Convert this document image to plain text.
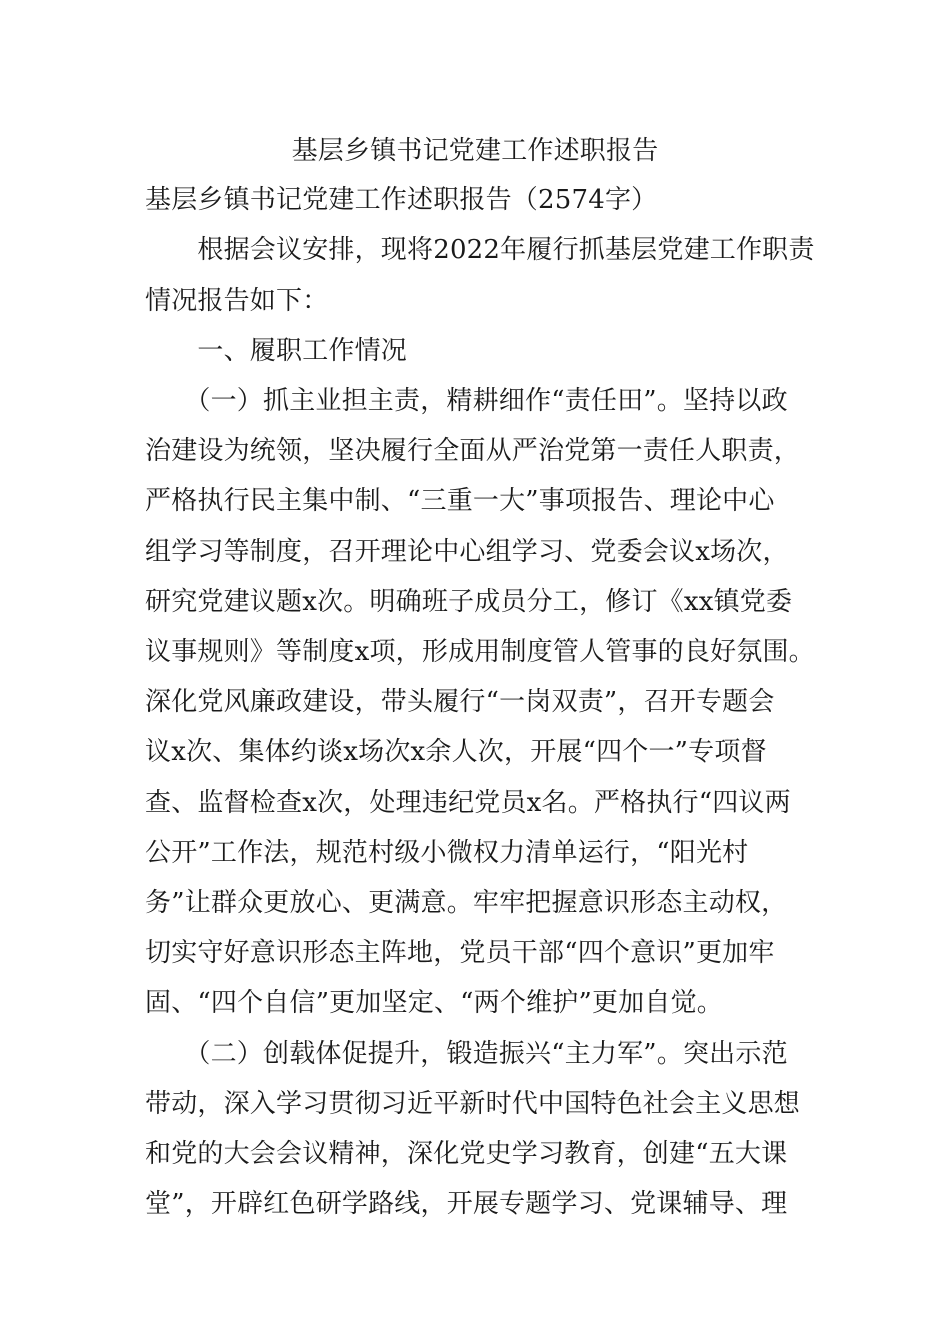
基层乡镇书记党建工作述职报告
基层乡镇书记党建工作述职报告（2574字）
　　根据会议安排，现将2022年履行抓基层党建工作职责
情况报告如下：
　　一、履职工作情况
　　（一）抓主业担主责，精耕细作“责任田”。坚持以政
治建设为统领，坚决履行全面从严治党第一责任人职责，
严格执行民主集中制、“三重一大”事项报告、理论中心
组学习等制度，召开理论中心组学习、党委会议x场次，
研究党建议题x次。明确班子成员分工，修订《xx镇党委
议事规则》等制度x项，形成用制度管人管事的良好氛围。
深化党风廉政建设，带头履行“一岗双责”，召开专题会
议x次、集体约谈x场次x余人次，开展“四个一”专项督
查、监督检查x次，处理违纪党员x名。严格执行“四议两
公开”工作法，规范村级小微权力清单运行，“阳光村
务”让群众更放心、更满意。牢牢把握意识形态主动权，
切实守好意识形态主阵地，党员干部“四个意识”更加牢
固、“四个自信”更加坚定、“两个维护”更加自觉。
　　（二）创载体促提升，锻造振兴“主力军”。突出示范
带动，深入学习贯彻习近平新时代中国特色社会主义思想
和党的大会会议精神，深化党史学习教育，创建“五大课
堂”，开辟红色研学路线，开展专题学习、党课辅导、理
